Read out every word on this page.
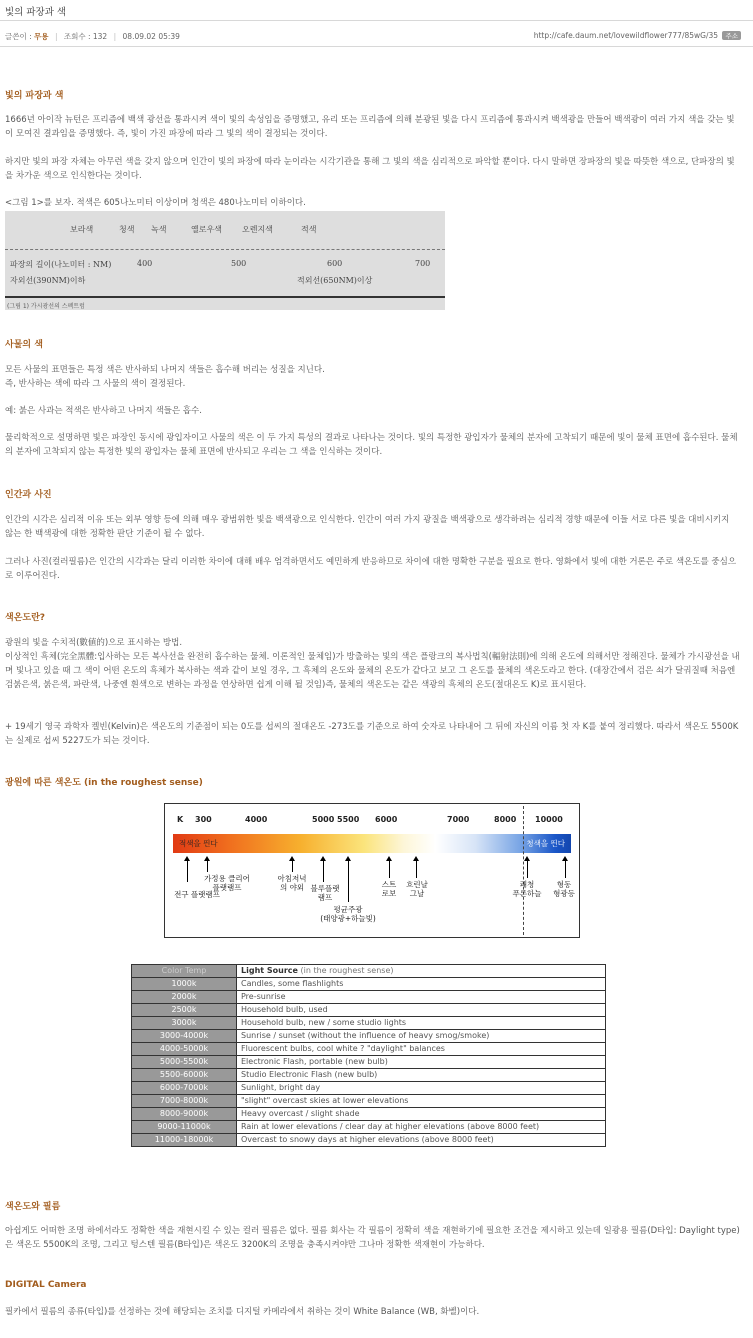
빛의 파장과 색
글쓴이 : 무용 | 조회수 : 132 | 08.09.02 05:39	http://cafe.daum.net/lovewildflower777/85wG/35 주소
빛의 파장과 색

1666년 아이작 뉴턴은 프리즘에 백색 광선을 통과시켜 색이 빛의 속성임을 증명했고, 유리 또는 프리즘에 의해 분광된 빛을 다시 프리즘에 통과시켜 백색광을 만들어 백색광이 여러 가지 색을 갖는 빛이 모여진 결과임을 증명했다. 즉, 빛이 가진 파장에 따라 그 빛의 색이 결정되는 것이다.

하지만 빛의 파장 자체는 아무런 색을 갖지 않으며 인간이 빛의 파장에 따라 눈이라는 시각기관을 통해 그 빛의 색을 심리적으로 파악할 뿐이다. 다시 말하면 장파장의 빛을 따뜻한 색으로, 단파장의 빛을 차가운 색으로 인식한다는 것이다.

<그림 1>를 보자. 적색은 605나노미터 이상이며 청색은 480나노미터 이하이다.

보라색	청색 녹색	옐로우색	오렌지색	적색
파장의 길이(나노미터 : NM)	400	500	600	700
자외선(390NM)이하	적외선(650NM)이상
(그림 1) 가시광선의 스펙트럼
사물의 색

모든 사물의 표면들은 특정 색은 반사하되 나머지 색들은 흡수해 버리는 성질을 지닌다.

즉, 반사하는 색에 따라 그 사물의 색이 결정된다.

예: 붉은 사과는 적색은 반사하고 나머지 색들은 흡수.

물리학적으로 설명하면 빛은 파장인 동시에 광입자이고 사물의 색은 이 두 가지 특성의 결과로 나타나는 것이다. 빛의 특정한 광입자가 물체의 분자에 고착되기 때문에 빛이 물체 표면에 흡수된다. 물체의 분자에 고착되지 않는 특정한 빛의 광입자는 물체 표면에 반사되고 우리는 그 색을 인식하는 것이다.

인간과 사진

인간의 시각은 심리적 이유 또는 외부 영향 등에 의해 매우 광범위한 빛을 백색광으로 인식한다. 인간이 여러 가지 광질을 백색광으로 생각하려는 심리적 경향 때문에 이들 서로 다른 빛을 대비시키지 않는 한 백색광에 대한 정확한 판단 기준이 될 수 없다.

그러나 사진(컬러필름)은 인간의 시각과는 달리 이러한 차이에 대해 배우 엄격하면서도 예민하게 반응하므로 차이에 대한 명확한 구분을 필요로 한다. 영화에서 빛에 대한 거론은 주로 색온도를 중심으로 이루어진다.

색온도란?

광원의 빛을 수치적(數値的)으로 표시하는 방법.

이상적인 흑체(完全黑體:입사하는 모든 복사선을 완전히 흡수하는 물체. 이론적인 물체임)가 방출하는 빛의 색은 플랑크의 복사법칙(輻射法則)에 의해 온도에 의해서만 정해진다. 물체가 가시광선을 내며 빛나고 있을 때 그 색이 어떤 온도의 흑체가 복사하는 색과 같이 보일 경우, 그 흑체의 온도와 물체의 온도가 같다고 보고 그 온도를 물체의 색온도라고 한다. (대장간에서 검은 쇠가 달궈질때 처음엔 검붉은색, 붉은색, 파란색, 나중엔 흰색으로 변하는 과정을 연상하면 쉽게 이해 될 것임)즉, 물체의 색온도는 같은 색광의 흑체의 온도(절대온도 K)로 표시된다.

+ 19세기 영국 과학자 켈빈(Kelvin)은 색온도의 기준점이 되는 0도를 섭씨의 절대온도 -273도를 기준으로 하여 숫자로 나타내어 그 뒤에 자신의 이름 첫 자 K를 붙여 정리했다. 따라서 색온도 5500K는 실제로 섭씨 5227도가 되는 것이다.

광원에 따른 색온도 (in the roughest sense)
K 300	4000	5000 5500 6000	7000	8000 10000
적색을 띈다	청색을 띈다
전구 플랫램프
가정용 클리어
플랫램프
아침저녁
의 야외 블루플랫
램프
평균주광
(태양광+하늘빛)
스트
로보
흐린날
그날
쾌청
푸른하늘
형동
형광등
Color Temp	Light Source (in the roughest sense)
1000k	Candles, some flashlights
2000k	Pre-sunrise
2500k	Household bulb, used
3000k	Household bulb, new / some studio lights
3000-4000k	Sunrise / sunset (without the influence of heavy smog/smoke)
4000-5000k	Fluorescent bulbs, cool white ? "daylight" balances
5000-5500k	Electronic Flash, portable (new bulb)
5500-6000k	Studio Electronic Flash (new bulb)
6000-7000k	Sunlight, bright day
7000-8000k	"slight" overcast skies at lower elevations
8000-9000k	Heavy overcast / slight shade
9000-11000k	Rain at lower elevations / clear day at higher elevations (above 8000 feet)
11000-18000k	Overcast to snowy days at higher elevations (above 8000 feet)
색온도와 필름

아쉽게도 어떠한 조명 하에서라도 정확한 색을 재현시킬 수 있는 컬러 필름은 없다. 필름 회사는 각 필름이 정확히 색을 재현하기에 필요한 조건을 제시하고 있는데 일광용 필름(D타입: Daylight type)은 색온도 5500K의 조명, 그리고 텅스텐 필름(B타입)은 색온도 3200K의 조명을 충족시켜야만 그나마 정확한 색재현이 가능하다.

DIGITAL Camera

필카에서 필름의 종류(타입)를 선정하는 것에 해당되는 조치를 디지털 카메라에서 취하는 것이 White Balance (WB, 화벨)이다.
